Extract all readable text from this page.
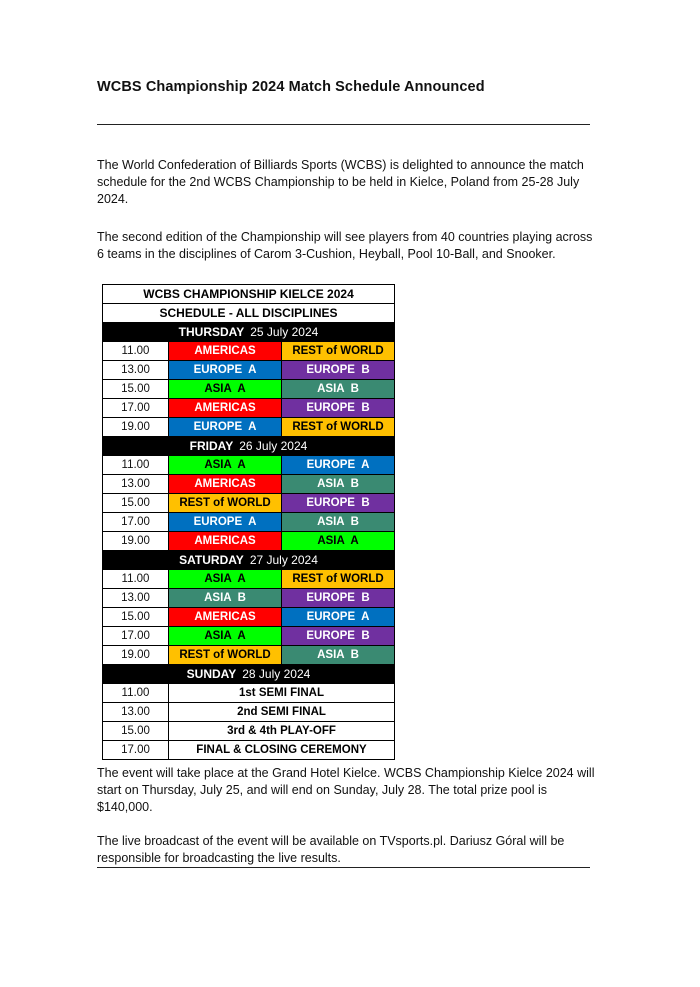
WCBS Championship 2024 Match Schedule Announced
The World Confederation of Billiards Sports (WCBS) is delighted to announce the match schedule for the 2nd WCBS Championship to be held in Kielce, Poland from 25-28 July 2024.
The second edition of the Championship will see players from 40 countries playing across 6 teams in the disciplines of Carom 3-Cushion, Heyball, Pool 10-Ball, and Snooker.
WCBS CHAMPIONSHIP KIELCE 2024		
SCHEDULE - ALL DISCIPLINES		
THURSDAY 25 July 2024		
11.00	AMERICAS	REST of WORLD
13.00	EUROPE  A	EUROPE  B
15.00	ASIA  A	ASIA  B
17.00	AMERICAS	EUROPE  B
19.00	EUROPE  A	REST of WORLD
FRIDAY 26 July 2024		
11.00	ASIA  A	EUROPE  A
13.00	AMERICAS	ASIA  B
15.00	REST of WORLD	EUROPE  B
17.00	EUROPE  A	ASIA  B
19.00	AMERICAS	ASIA  A
SATURDAY 27 July 2024		
11.00	ASIA  A	REST of WORLD
13.00	ASIA  B	EUROPE  B
15.00	AMERICAS	EUROPE  A
17.00	ASIA  A	EUROPE  B
19.00	REST of WORLD	ASIA  B
SUNDAY 28 July 2024		
11.00	1st SEMI FINAL	
13.00	2nd SEMI FINAL	
15.00	3rd & 4th PLAY-OFF	
17.00	FINAL & CLOSING CEREMONY	
The event will take place at the Grand Hotel Kielce. WCBS Championship Kielce 2024 will start on Thursday, July 25, and will end on Sunday, July 28. The total prize pool is $140,000.
The live broadcast of the event will be available on TVsports.pl. Dariusz Góral will be responsible for broadcasting the live results.
